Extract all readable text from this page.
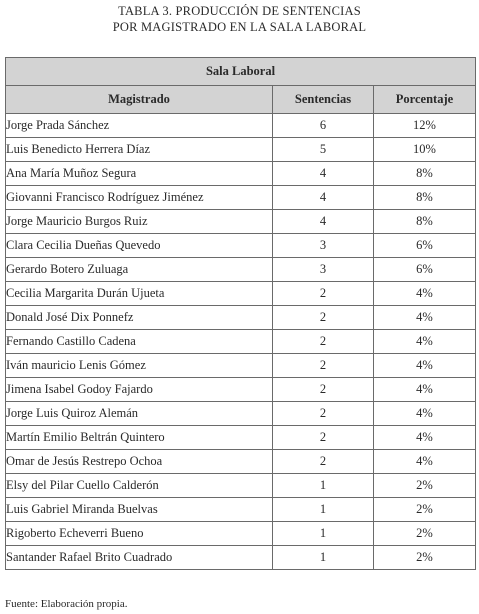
TABLA 3. PRODUCCIÓN DE SENTENCIAS
POR MAGISTRADO EN LA SALA LABORAL
Sala Laboral		
Magistrado	Sentencias	Porcentaje
Jorge Prada Sánchez	6	12%
Luis Benedicto Herrera Díaz	5	10%
Ana María Muñoz Segura	4	8%
Giovanni Francisco Rodríguez Jiménez	4	8%
Jorge Mauricio Burgos Ruiz	4	8%
Clara Cecilia Dueñas Quevedo	3	6%
Gerardo Botero Zuluaga	3	6%
Cecilia Margarita Durán Ujueta	2	4%
Donald José Dix Ponnefz	2	4%
Fernando Castillo Cadena	2	4%
Iván mauricio Lenis Gómez	2	4%
Jimena Isabel Godoy Fajardo	2	4%
Jorge Luis Quiroz Alemán	2	4%
Martín Emilio Beltrán Quintero	2	4%
Omar de Jesús Restrepo Ochoa	2	4%
Elsy del Pilar Cuello Calderón	1	2%
Luis Gabriel Miranda Buelvas	1	2%
Rigoberto Echeverri Bueno	1	2%
Santander Rafael Brito Cuadrado	1	2%
Fuente: Elaboración propia.
